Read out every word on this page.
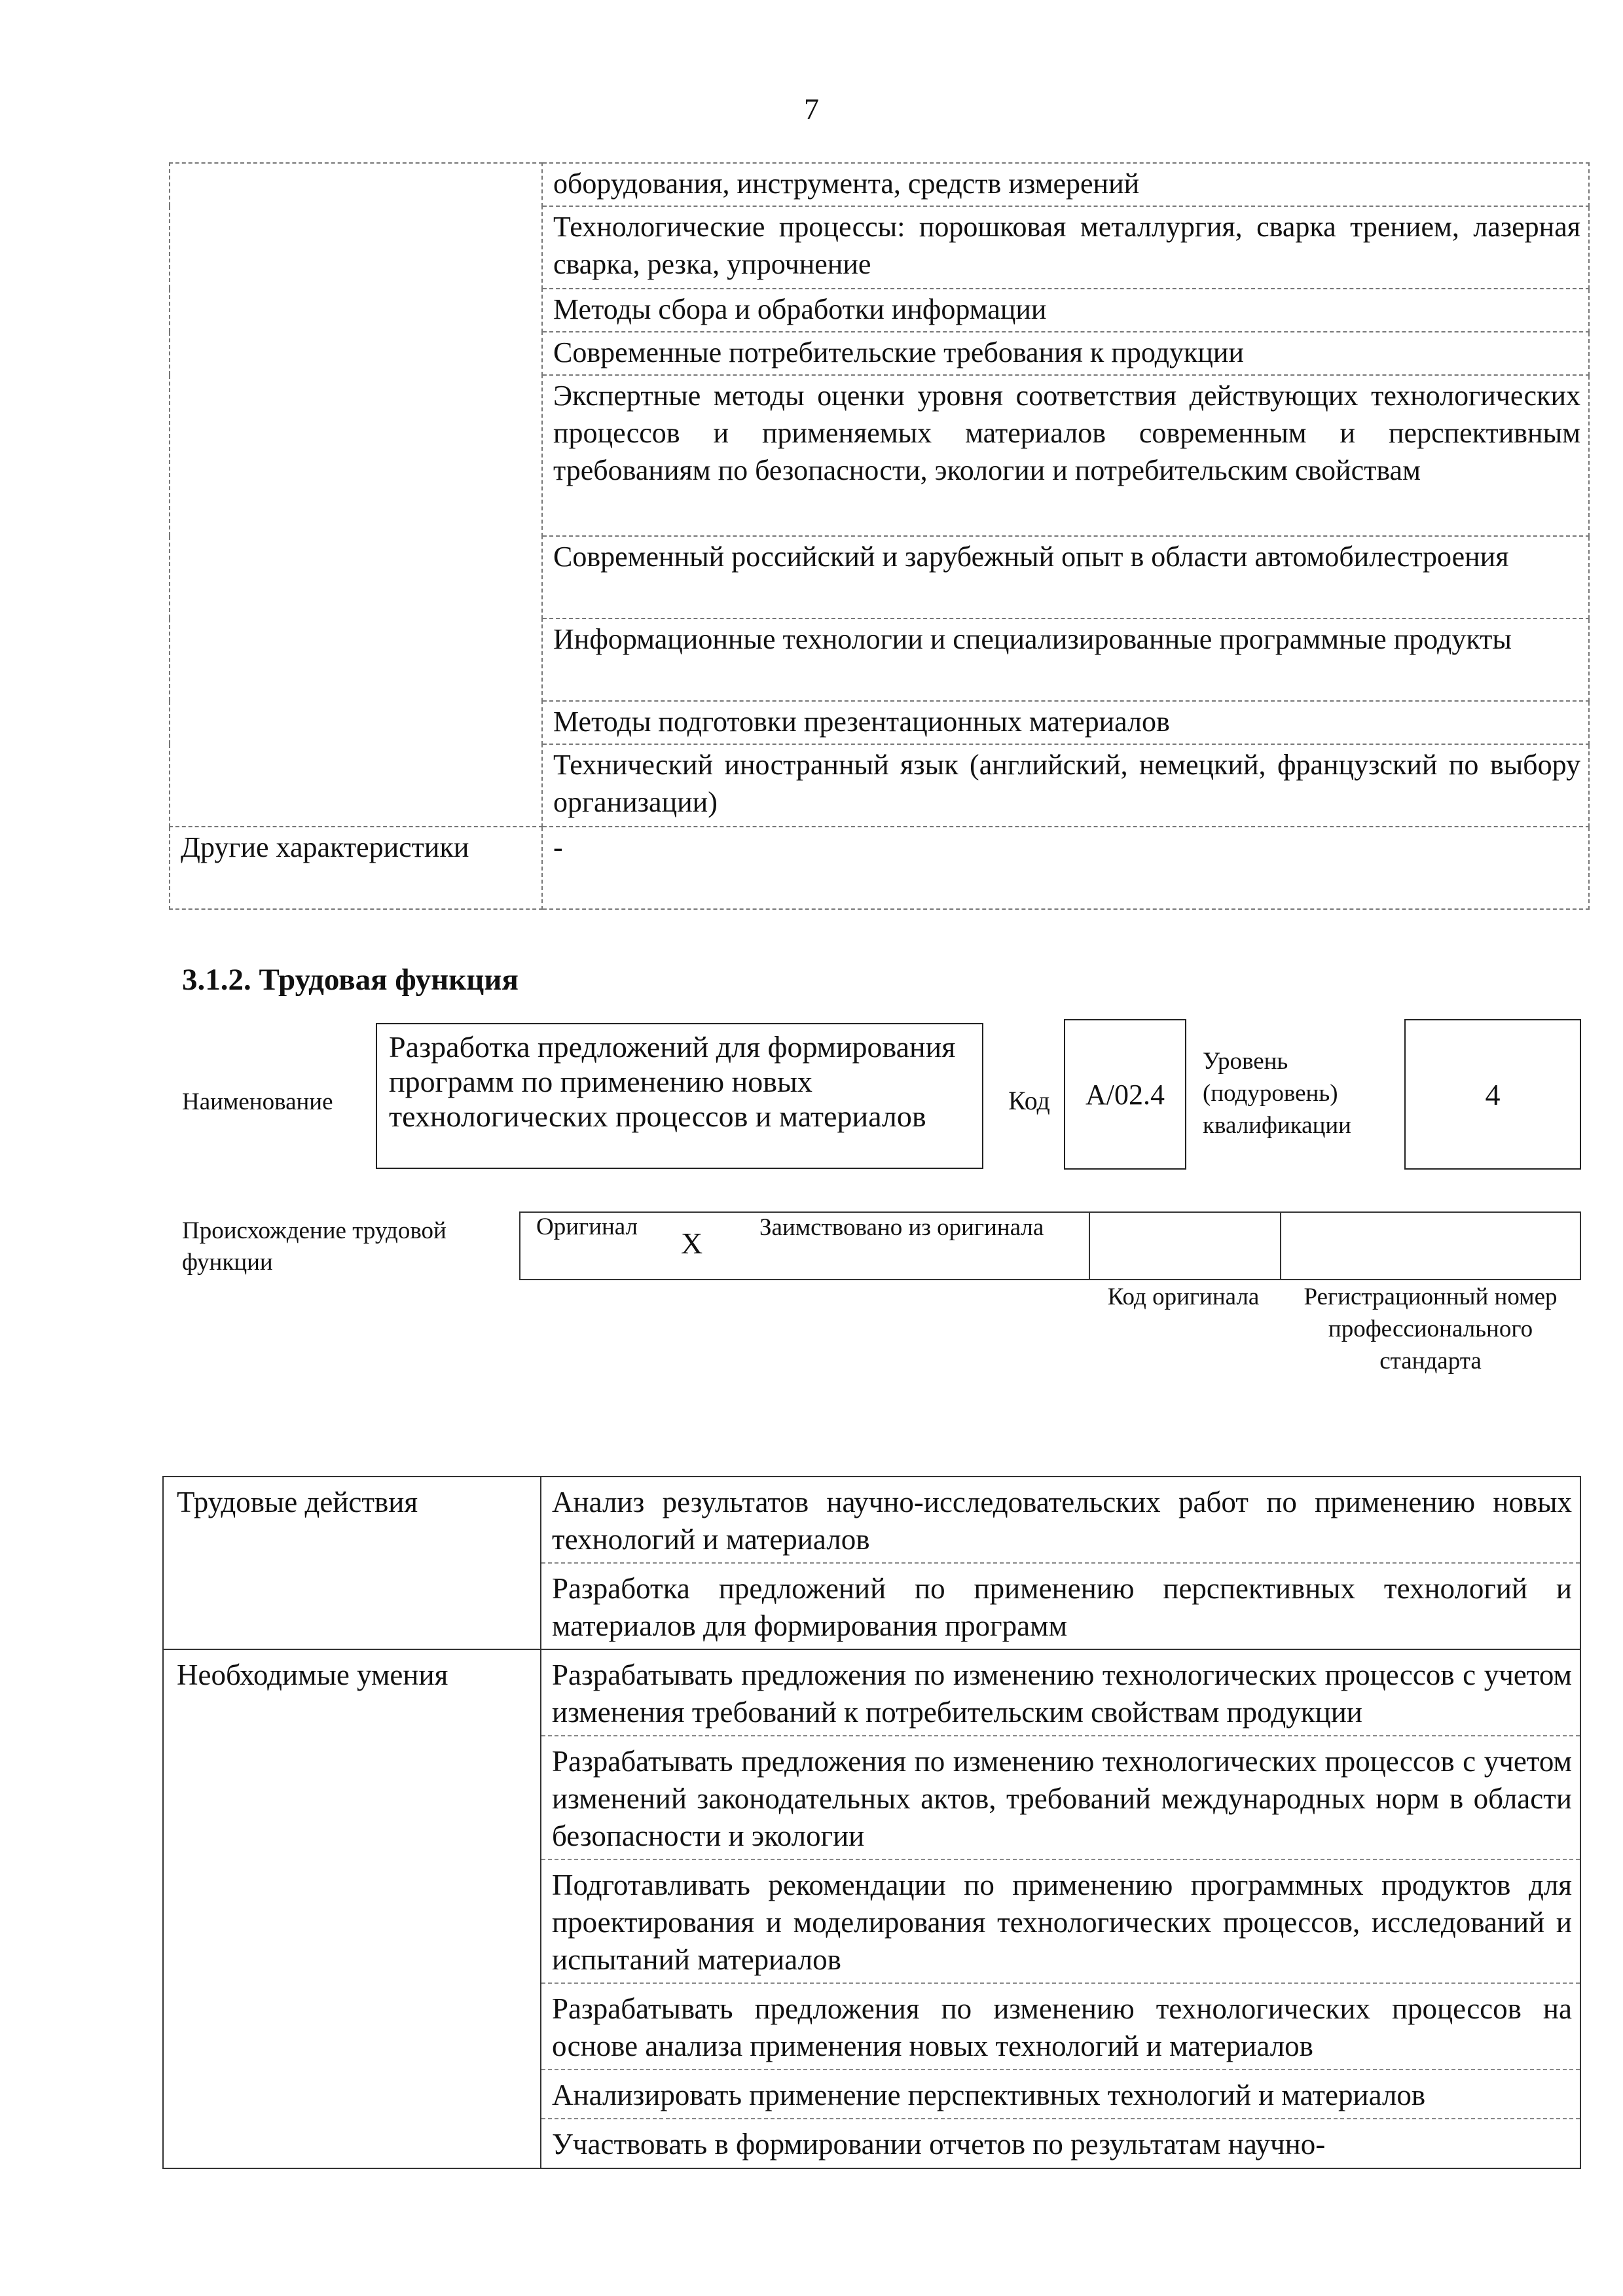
7
	оборудования, инструмента, средств измерений
	Технологические процессы: порошковая металлургия, сварка трением, лазерная сварка, резка, упрочнение
	Методы сбора и обработки информации
	Современные потребительские требования к продукции
	Экспертные методы оценки уровня соответствия действующих технологических процессов и применяемых материалов современным и перспективным требованиям по безопасности, экологии и потребительским свойствам
	Современный российский и зарубежный опыт в области автомобилестроения
	Информационные технологии и специализированные программные продукты
	Методы подготовки презентационных материалов
	Технический иностранный язык (английский, немецкий, французский по выбору организации)
Другие характеристики	-
3.1.2. Трудовая функция
Наименование
Разработка предложений для формирования программ по применению новых технологических процессов и материалов	Код	А/02.4
Уровень (подуровень) квалификации
4
Происхождение трудовой функции
Оригинал X Заимствовано из оригинала
Код оригинала	Регистрационный номер профессионального стандарта
Трудовые действия	Анализ результатов научно-исследовательских работ по применению новых технологий и материалов
	Разработка предложений по применению перспективных технологий и материалов для формирования программ
Необходимые умения	Разрабатывать предложения по изменению технологических процессов с учетом изменения требований к потребительским свойствам продукции
	Разрабатывать предложения по изменению технологических процессов с учетом изменений законодательных актов, требований международных норм в области безопасности и экологии
	Подготавливать рекомендации по применению программных продуктов для проектирования и моделирования технологических процессов, исследований и испытаний материалов
	Разрабатывать предложения по изменению технологических процессов на основе анализа применения новых технологий и материалов
	Анализировать применение перспективных технологий и материалов

	Участвовать в формировании отчетов по результатам научно-
